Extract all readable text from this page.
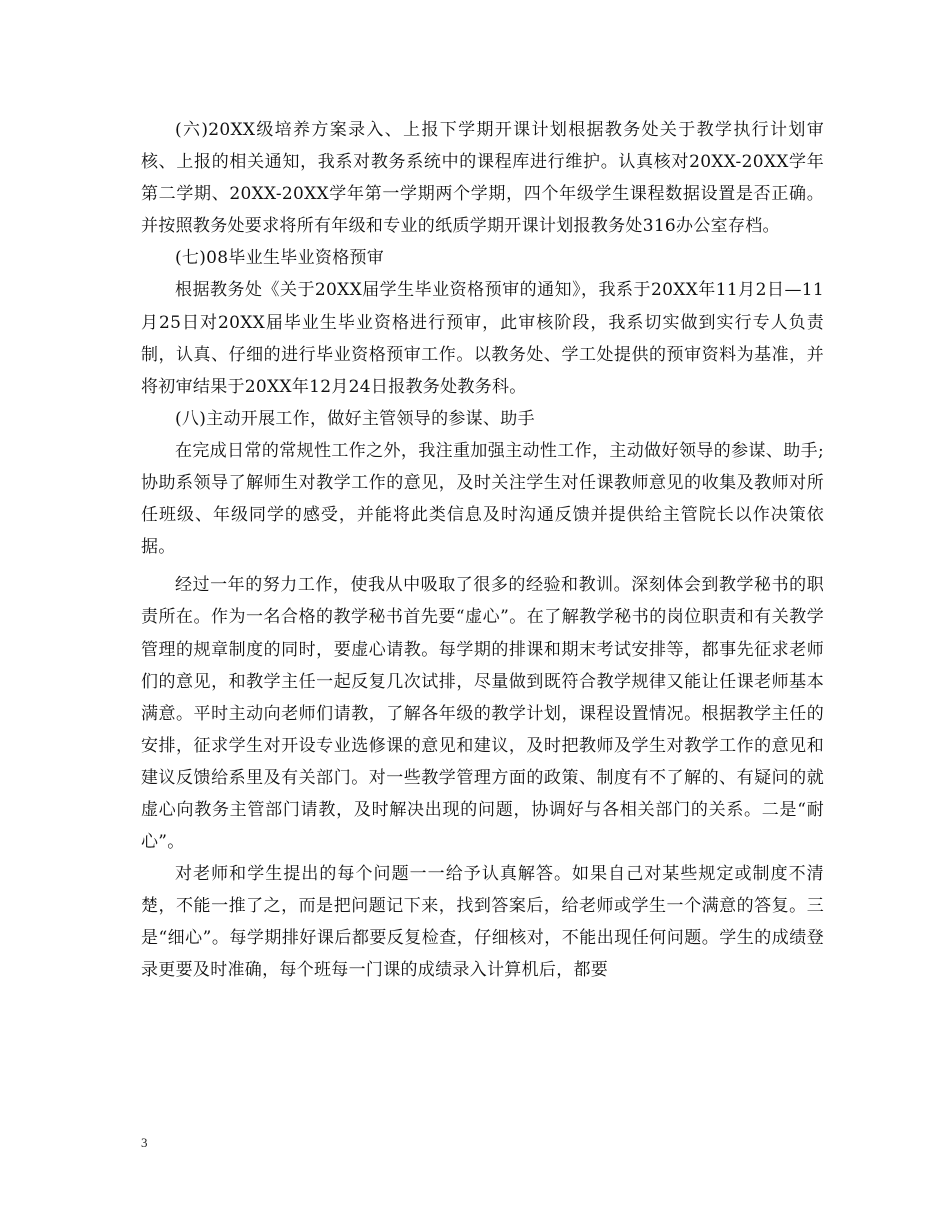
(六)20XX级培养方案录入、上报下学期开课计划根据教务处关于教学执行计划审核、上报的相关通知，我系对教务系统中的课程库进行维护。认真核对20XX-20XX学年第二学期、20XX-20XX学年第一学期两个学期，四个年级学生课程数据设置是否正确。并按照教务处要求将所有年级和专业的纸质学期开课计划报教务处316办公室存档。

(七)08毕业生毕业资格预审

根据教务处《关于20XX届学生毕业资格预审的通知》，我系于20XX年11月2日—11月25日对20XX届毕业生毕业资格进行预审，此审核阶段，我系切实做到实行专人负责制，认真、仔细的进行毕业资格预审工作。以教务处、学工处提供的预审资料为基准，并将初审结果于20XX年12月24日报教务处教务科。

(八)主动开展工作，做好主管领导的参谋、助手

在完成日常的常规性工作之外，我注重加强主动性工作，主动做好领导的参谋、助手;协助系领导了解师生对教学工作的意见，及时关注学生对任课教师意见的收集及教师对所任班级、年级同学的感受，并能将此类信息及时沟通反馈并提供给主管院长以作决策依据。

经过一年的努力工作，使我从中吸取了很多的经验和教训。深刻体会到教学秘书的职责所在。作为一名合格的教学秘书首先要“虚心”。在了解教学秘书的岗位职责和有关教学管理的规章制度的同时，要虚心请教。每学期的排课和期末考试安排等，都事先征求老师们的意见，和教学主任一起反复几次试排，尽量做到既符合教学规律又能让任课老师基本满意。平时主动向老师们请教，了解各年级的教学计划，课程设置情况。根据教学主任的安排，征求学生对开设专业选修课的意见和建议，及时把教师及学生对教学工作的意见和建议反馈给系里及有关部门。对一些教学管理方面的政策、制度有不了解的、有疑问的就虚心向教务主管部门请教，及时解决出现的问题，协调好与各相关部门的关系。二是“耐心”。

对老师和学生提出的每个问题一一给予认真解答。如果自己对某些规定或制度不清楚，不能一推了之，而是把问题记下来，找到答案后，给老师或学生一个满意的答复。三是“细心”。每学期排好课后都要反复检查，仔细核对，不能出现任何问题。学生的成绩登录更要及时准确，每个班每一门课的成绩录入计算机后，都要

3
